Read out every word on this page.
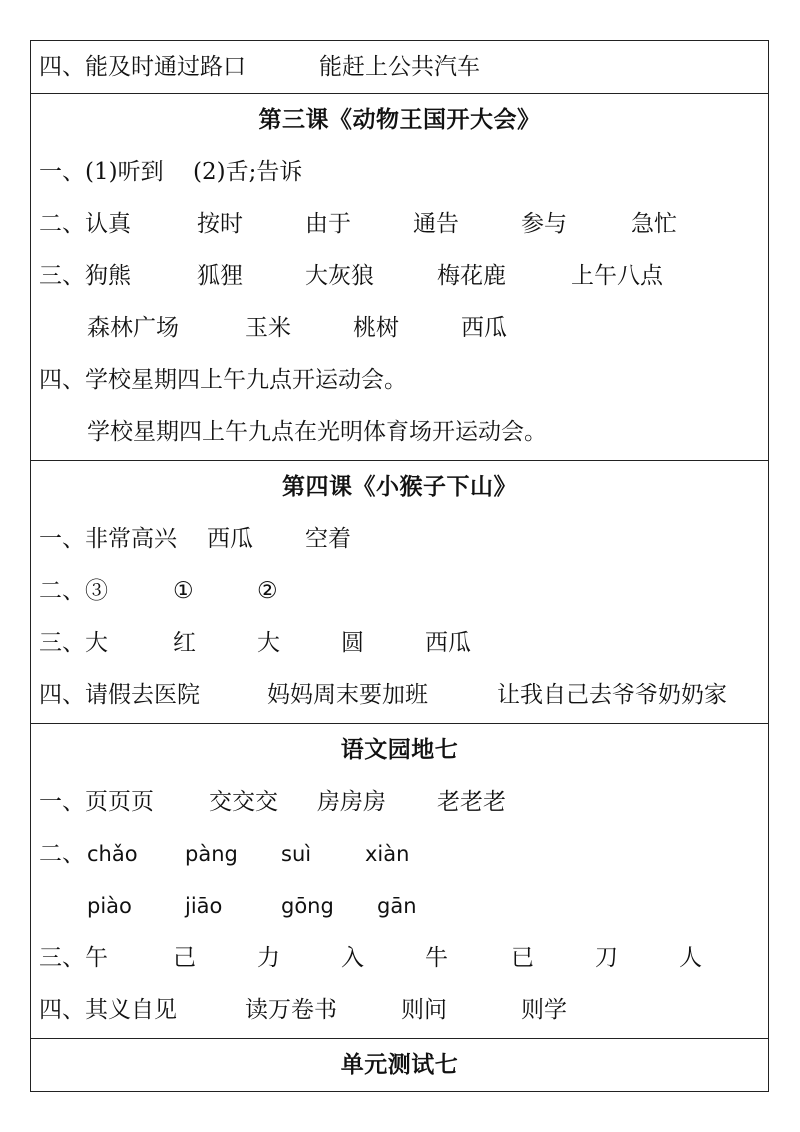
四、能及时通过路口	能赶上公共汽车
第三课《动物王国开大会》
一、(1)听到 (2)舌;告诉
二、认真	按时	由于	通告	参与	急忙
三、狗熊	狐狸	大灰狼	梅花鹿	上午八点
森林广场	玉米	桃树	西瓜
四、学校星期四上午九点开运动会。
学校星期四上午九点在光明体育场开运动会。
第四课《小猴子下山》
一、非常高兴 西瓜 空着
二、③	①	②
三、大	红	大	圆	西瓜
四、请假去医院	妈妈周末要加班	让我自己去爷爷奶奶家
语文园地七
一、页页页 交交交 房房房 老老老
二、 chǎo pàng suì	xiàn
piào	jiāo	gōng gān
三、午	己	力	入	牛	已	刀	人
四、其义自见	读万卷书	则问	则学
单元测试七
